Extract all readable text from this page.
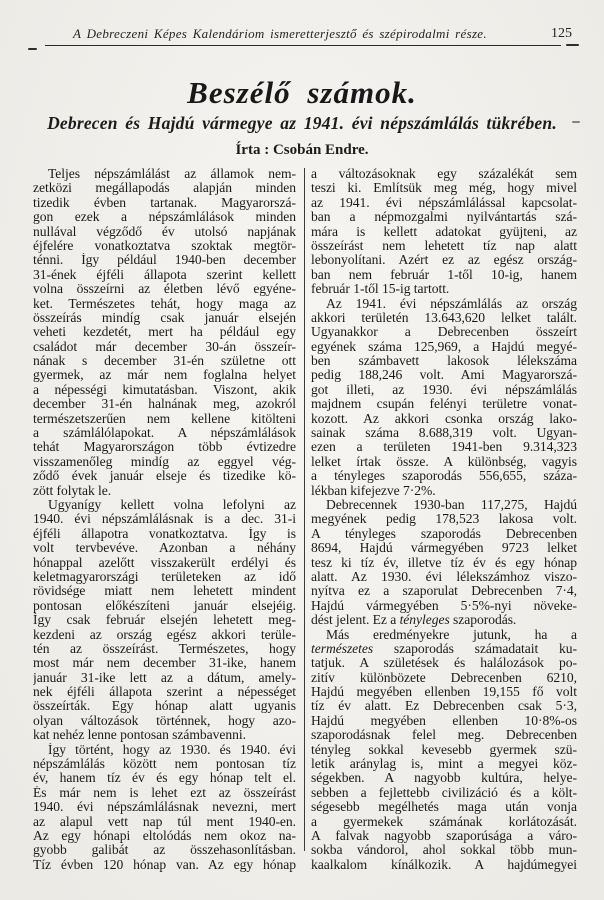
A Debreczeni Képes Kalendáriom ismeretterjesztő és szépirodalmi része.	125
Beszélő számok.
Debrecen és Hajdú vármegye az 1941. évi népszámlálás tükrében.
Írta : Csobán Endre.
Teljes népszámlálást az államok nem-
zetközi megállapodás alapján minden
tizedik évben tartanak. Magyarorszá-
gon ezek a népszámlálások minden
nullával végződő év utolsó napjának
éjfelére vonatkoztatva szoktak megtör-
ténni. Így például 1940-ben december
31-ének éjféli állapota szerint kellett
volna összeírni az életben lévő egyéne-
ket. Természetes tehát, hogy maga az
összeírás mindíg csak január elsején
veheti kezdetét, mert ha például egy
családot már december 30-án összeír-
nának s december 31-én születne ott
gyermek, az már nem foglalna helyet
a népességi kimutatásban. Viszont, akik
december 31-én halnának meg, azokról
természetszerűen nem kellene kitölteni
a számlálólapokat. A népszámlálások
tehát Magyarországon több évtizedre
visszamenőleg mindíg az eggyel vég-
ződő évek január elseje és tizedike kö-
zött folytak le.
Ugyanígy kellett volna lefolyni az
1940. évi népszámlálásnak is a dec. 31-i
éjféli állapotra vonatkoztatva. Így is
volt tervbevéve. Azonban a néhány
hónappal azelőtt visszakerült erdélyi és
keletmagyarországi területeken az idő
rövidsége miatt nem lehetett mindent
pontosan előkészíteni január elsejéig.
Így csak február elsején lehetett meg-
kezdeni az ország egész akkori terüle-
tén az összeírást. Természetes, hogy
most már nem december 31-ike, hanem
január 31-ike lett az a dátum, amely-
nek éjféli állapota szerint a népességet
összeírták. Egy hónap alatt ugyanis
olyan változások történnek, hogy azo-
kat nehéz lenne pontosan számbavenni.
Így történt, hogy az 1930. és 1940. évi
népszámlálás között nem pontosan tíz
év, hanem tíz év és egy hónap telt el.
És már nem is lehet ezt az összeírást
1940. évi népszámlálásnak nevezni, mert
az alapul vett nap túl ment 1940-en.
Az egy hónapi eltolódás nem okoz na-
gyobb galibát az összehasonlításban.
Tíz évben 120 hónap van. Az egy hónap
a változásoknak egy százalékát sem
teszi ki. Említsük meg még, hogy mivel
az 1941. évi népszámlálással kapcsolat-
ban a népmozgalmi nyilvántartás szá-
mára is kellett adatokat gyüjteni, az
összeírást nem lehetett tíz nap alatt
lebonyolítani. Azért ez az egész ország-
ban nem február 1-től 10-ig, hanem
február 1-től 15-ig tartott.
Az 1941. évi népszámlálás az ország
akkori területén 13.643,620 lelket talált.
Ugyanakkor a Debrecenben összeírt
egyének száma 125,969, a Hajdú megyé-
ben számbavett lakosok lélekszáma
pedig 188,246 volt. Ami Magyarorszá-
got illeti, az 1930. évi népszámlálás
majdnem csupán felényi területre vonat-
kozott. Az akkori csonka ország lako-
sainak száma 8.688,319 volt. Ugyan-
ezen a területen 1941-ben 9.314,323
lelket írtak össze. A különbség, vagyis
a tényleges szaporodás 556,655, száza-
lékban kifejezve 7·2%.
Debrecennek 1930-ban 117,275, Hajdú
megyének pedig 178,523 lakosa volt.
A tényleges szaporodás Debrecenben
8694, Hajdú vármegyében 9723 lelket
tesz ki tíz év, illetve tíz év és egy hónap
alatt. Az 1930. évi lélekszámhoz viszo-
nyítva ez a szaporulat Debrecenben 7·4,
Hajdú vármegyében 5·5%-nyi növeke-
dést jelent. Ez a tényleges szaporodás.
Más eredményekre jutunk, ha a
természetes szaporodás számadatait ku-
tatjuk. A születések és halálozások po-
zitív különbözete Debrecenben 6210,
Hajdú megyében ellenben 19,155 fő volt
tíz év alatt. Ez Debrecenben csak 5·3,
Hajdú megyében ellenben 10·8%-os
szaporodásnak felel meg. Debrecenben
tényleg sokkal kevesebb gyermek szü-
letik aránylag is, mint a megyei köz-
ségekben. A nagyobb kultúra, helye-
sebben a fejlettebb civilizáció és a költ-
ségesebb megélhetés maga után vonja
a gyermekek számának korlátozását.
A falvak nagyobb szaporúsága a váro-
sokba vándorol, ahol sokkal több mun-
kaalkalom kínálkozik. A hajdúmegyei
